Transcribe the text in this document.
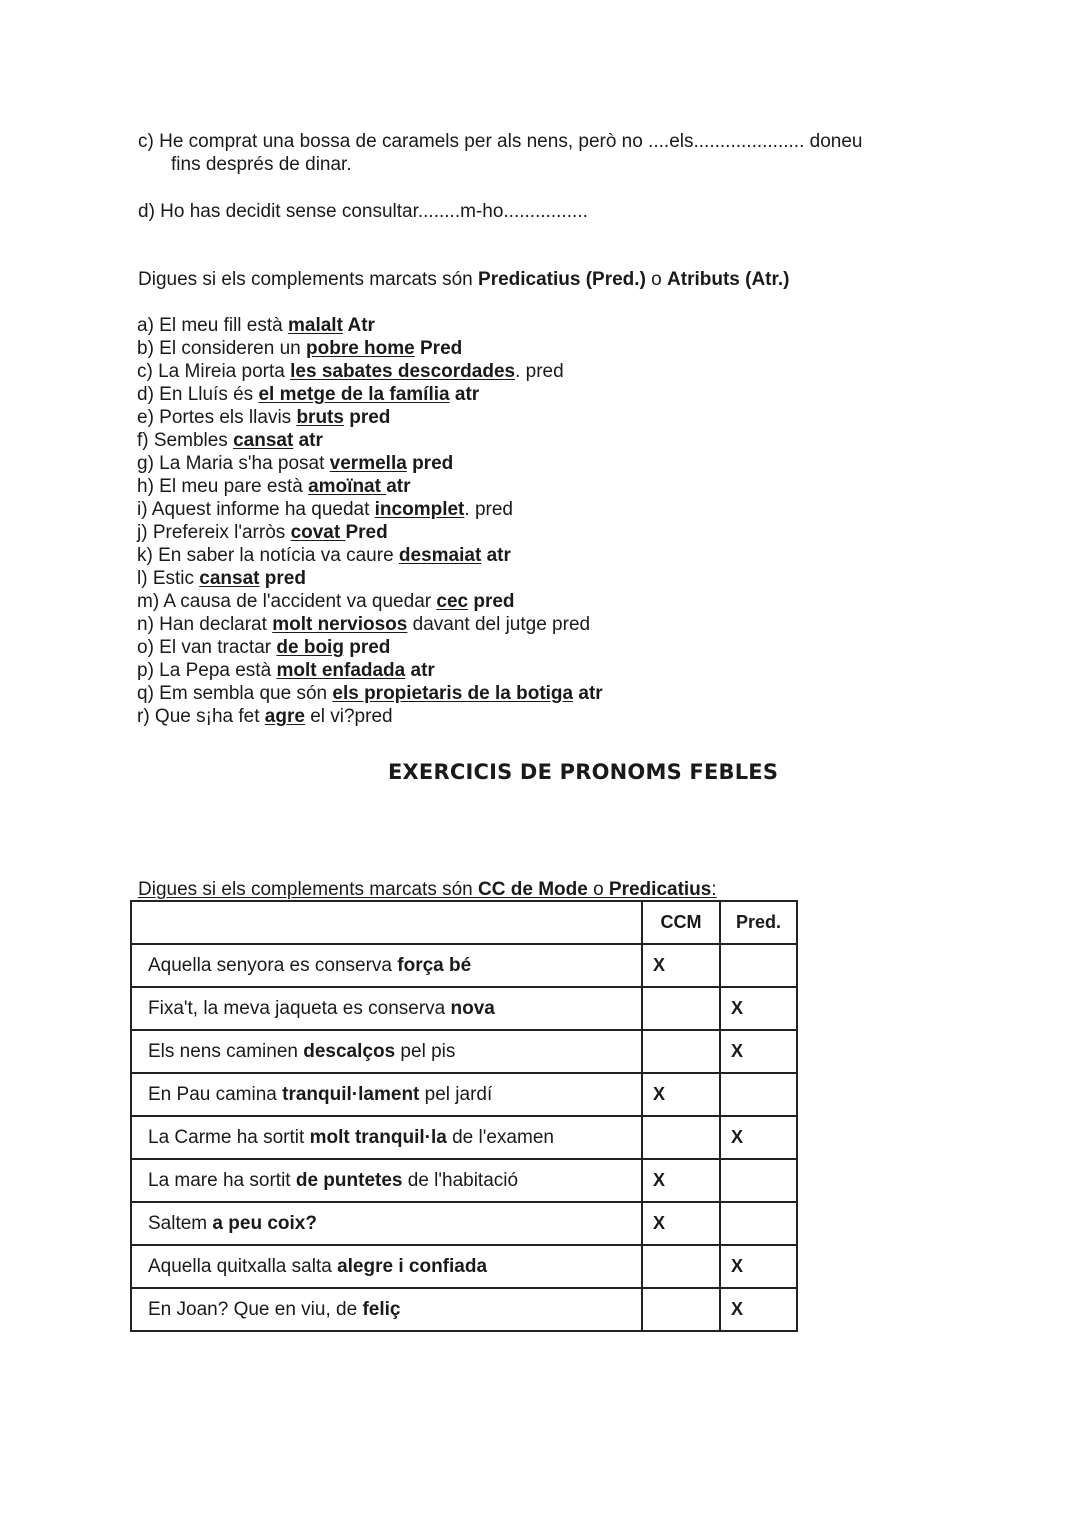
c) He comprat una bossa de caramels per als nens, però no ....els..................... doneu
fins després de dinar.
d) Ho has decidit sense consultar........m-ho................
Digues si els complements marcats són Predicatius (Pred.) o Atributs (Atr.)
a) El meu fill està malalt Atr
b) El consideren un pobre home Pred
c) La Mireia porta les sabates descordades. pred
d) En Lluís és el metge de la família atr
e) Portes els llavis bruts pred
f) Sembles cansat atr
g) La Maria s'ha posat vermella pred
h) El meu pare està amoïnat atr
i) Aquest informe ha quedat incomplet. pred
j) Prefereix l'arròs covat Pred
k) En saber la notícia va caure desmaiat atr
l) Estic cansat pred
m) A causa de l'accident va quedar cec pred
n) Han declarat molt nerviosos davant del jutge pred
o) El van tractar de boig pred
p) La Pepa està molt enfadada atr
q) Em sembla que són els propietaris de la botiga atr
r) Que s¡ha fet agre el vi?pred
EXERCICIS DE PRONOMS FEBLES
Digues si els complements marcats són CC de Mode o Predicatius:
	CCM	Pred.
Aquella senyora es conserva força bé	X	
Fixa't, la meva jaqueta es conserva nova		X
Els nens caminen descalços pel pis		X
En Pau camina tranquil·lament pel jardí	X	
La Carme ha sortit molt tranquil·la de l'examen		X
La mare ha sortit de puntetes de l'habitació	X	
Saltem a peu coix?	X	
Aquella quitxalla salta alegre i confiada		X
En Joan? Que en viu, de feliç		X
